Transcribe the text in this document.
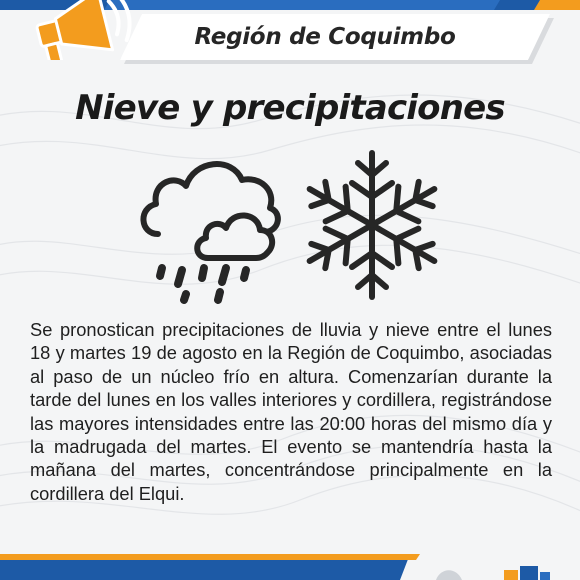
Región de Coquimbo
Nieve y precipitaciones

Se pronostican precipitaciones de lluvia y nieve entre el lunes 18 y martes 19 de agosto en la Región de Coquimbo, asociadas al paso de un núcleo frío en altura. Comenzarían durante la tarde del lunes en los valles interiores y cordillera, registrándose las mayores intensidades entre las 20:00 horas del mismo día y la madrugada del martes. El evento se mantendría hasta la mañana del martes, concentrándose principalmente en la cordillera del Elqui.
